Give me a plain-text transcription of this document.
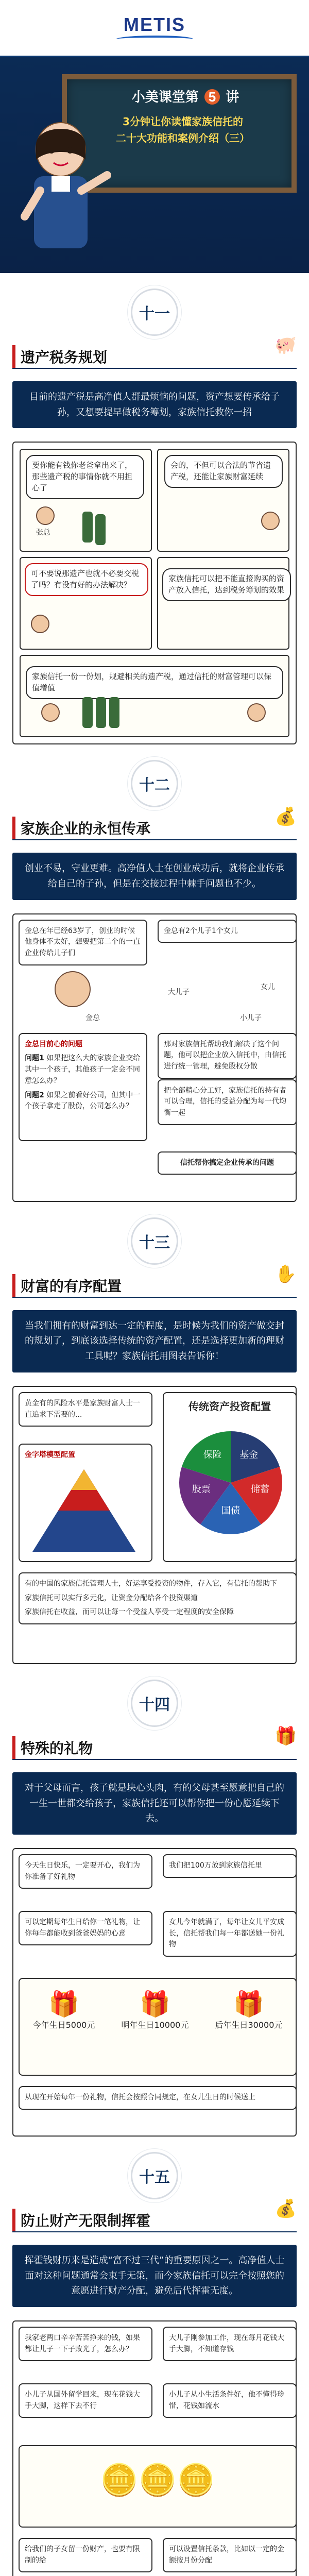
METIS
小美课堂第 5 讲
3分钟让你读懂家族信托的
二十大功能和案例介绍（三）
十一
遗产税务规划
🐖
目前的遗产税是高净值人群最烦恼的问题，资产想要传承给子孙，又想要提早做税务筹划，家族信托救你一招
要你能有钱你老爸拿出来了，那些遗产税的事情你就不用担心了
张总
会的，不但可以合法的节省遗产税，还能让家族财富延续
可不要说那遗产也就不必要交税了吗？有没有好的办法解决？
家族信托可以把不能直接购买的资产放入信托，达到税务筹划的效果
家族信托一份一份划，规避相关的遗产税，通过信托的财富管理可以保值增值
十二
家族企业的永恒传承
💰
创业不易，守业更难。高净值人士在创业成功后，就将企业传承给自己的子孙，但是在交接过程中棘手问题也不少。
金总在年已经63岁了，创业的时候他身体不太好，想要把第二个的一直企业传给儿子们
金总有2个儿子1个女儿
金总
大儿子
女儿
小儿子
金总目前心的问题
问题1 如果把这么大的家族企业交给其中一个孩子，其他孩子一定会不同意怎么办？
问题2 如果之前看好公司，但其中一个孩子拿走了股份，公司怎么办？
那对家族信托帮助我们解决了这个问题，他可以把企业放入信托中，由信托进行统一管理，避免股权分散
把全部精心分工好，家族信托的持有者可以合理，信托的受益分配为每一代均衡一起
信托帮你搞定企业传承的问题
十三
财富的有序配置
✋
当我们拥有的财富到达一定的程度，是时候为我们的资产做交封的规划了，到底该选择传统的资产配置，还是选择更加新的理财工具呢？家族信托用图表告诉你！
黄金有的风险水平是家族财富人士一直追求下需要的...
金字塔模型配置
传统资产投资配置
基金
储蓄
国债
股票
保险
有的中国的家族信托管理人士，好运享受投资的物件，存入它，有信托的帮助下
家族信托可以实行多元化，让资金分配给各个投资渠道
家族信托在收益，而可以让每一个受益人享受一定程度的安全保障
十四
特殊的礼物
🎁
对于父母而言，孩子就是块心头肉，有的父母甚至愿意把自己的一生一世都交给孩子，家族信托还可以帮你把一份心愿延续下去。
今天生日快乐，一定要开心，我们为你准备了好礼物
我们把100万放到家族信托里
可以定期每年生日给你一笔礼物，让你每年都能收到爸爸妈妈的心意
女儿今年就满了，每年让女儿平安成长，信托帮我们每一年都送她一份礼物
🎁
今年生日5000元
🎁
明年生日10000元
🎁
后年生日30000元
从现在开始每年一份礼物，信托会按照合同规定，在女儿生日的时候送上
十五
防止财产无限制挥霍
💰
挥霍钱财历来是造成“富不过三代”的重要原因之一。高净值人士面对这种问题通常会束手无策，而今家族信托可以完全按照您的意愿进行财产分配，避免后代挥霍无度。
我家老两口辛辛苦苦挣来的钱，如果都让儿子一下子败光了，怎么办？
大儿子刚参加工作，现在每月花钱大手大脚，不知道存钱
小儿子从小生活条件好，他不懂得珍惜，花钱如流水
小儿子从国外留学回来，现在花钱大手大脚，这样下去不行
🪙🪙🪙
给我们的子女留一份财产，也要有限制的给
可以设置信托条款，比如以一定的金额按月份分配
